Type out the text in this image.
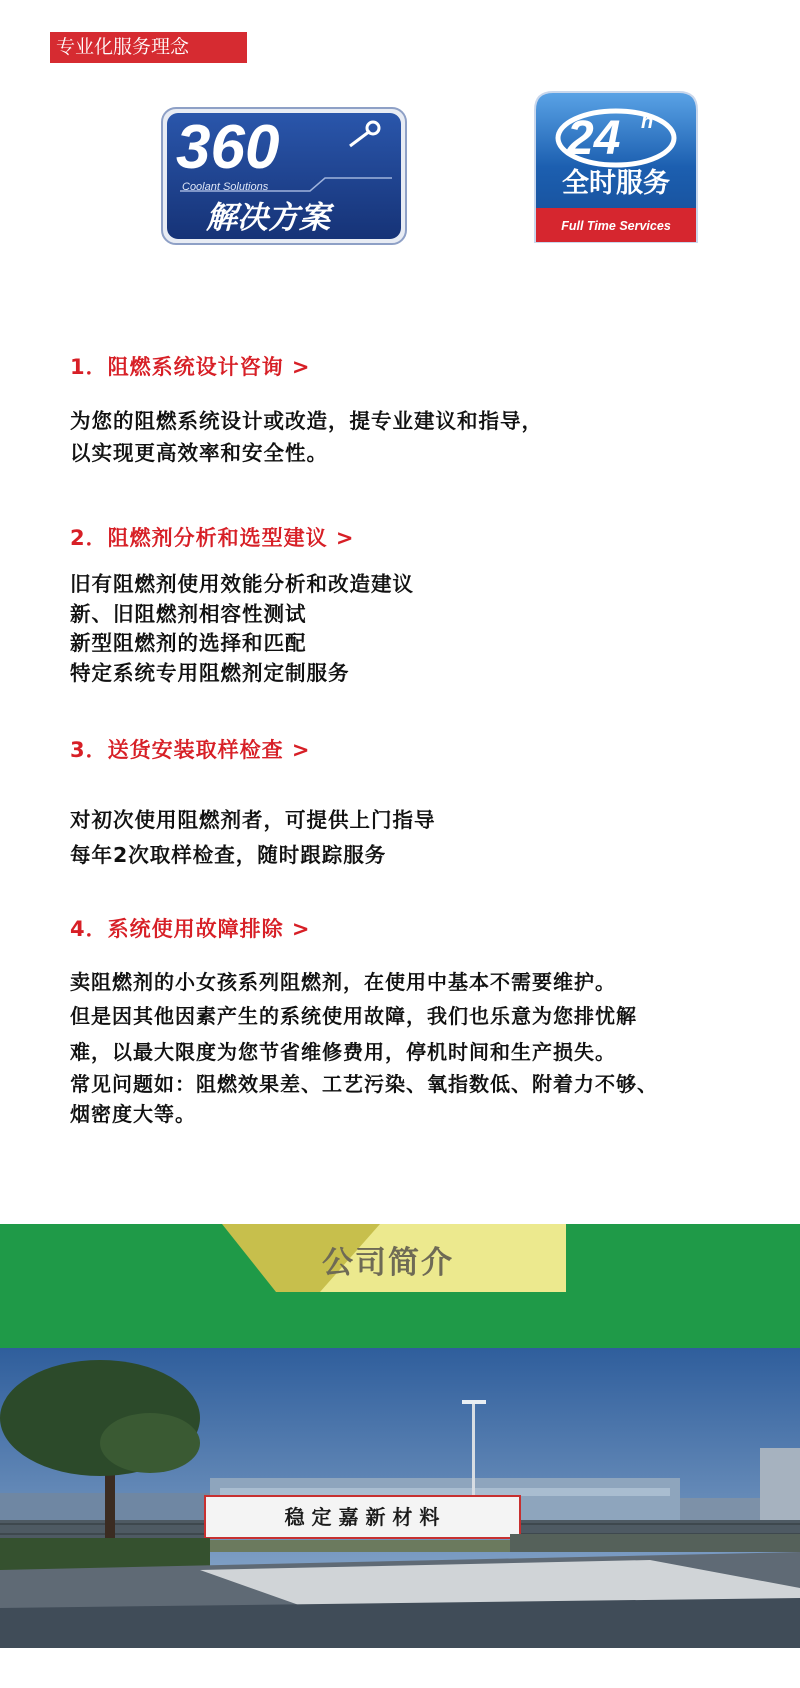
专业化服务理念
360
Coolant Solutions
解决方案
24 h
全时服务
Full Time Services
1．阻燃系统设计咨询 >
为您的阻燃系统设计或改造，提专业建议和指导，
以实现更高效率和安全性。
2．阻燃剂分析和选型建议 >
旧有阻燃剂使用效能分析和改造建议
新、旧阻燃剂相容性测试
新型阻燃剂的选择和匹配
特定系统专用阻燃剂定制服务
3．送货安装取样检查 >
对初次使用阻燃剂者，可提供上门指导
每年2次取样检查，随时跟踪服务
4．系统使用故障排除 >
卖阻燃剂的小女孩系列阻燃剂，在使用中基本不需要维护。
但是因其他因素产生的系统使用故障，我们也乐意为您排忧解
难，以最大限度为您节省维修费用，停机时间和生产损失。
常见问题如：阻燃效果差、工艺污染、氧指数低、附着力不够、
烟密度大等。
公司简介
稳 定 嘉 新 材 料
